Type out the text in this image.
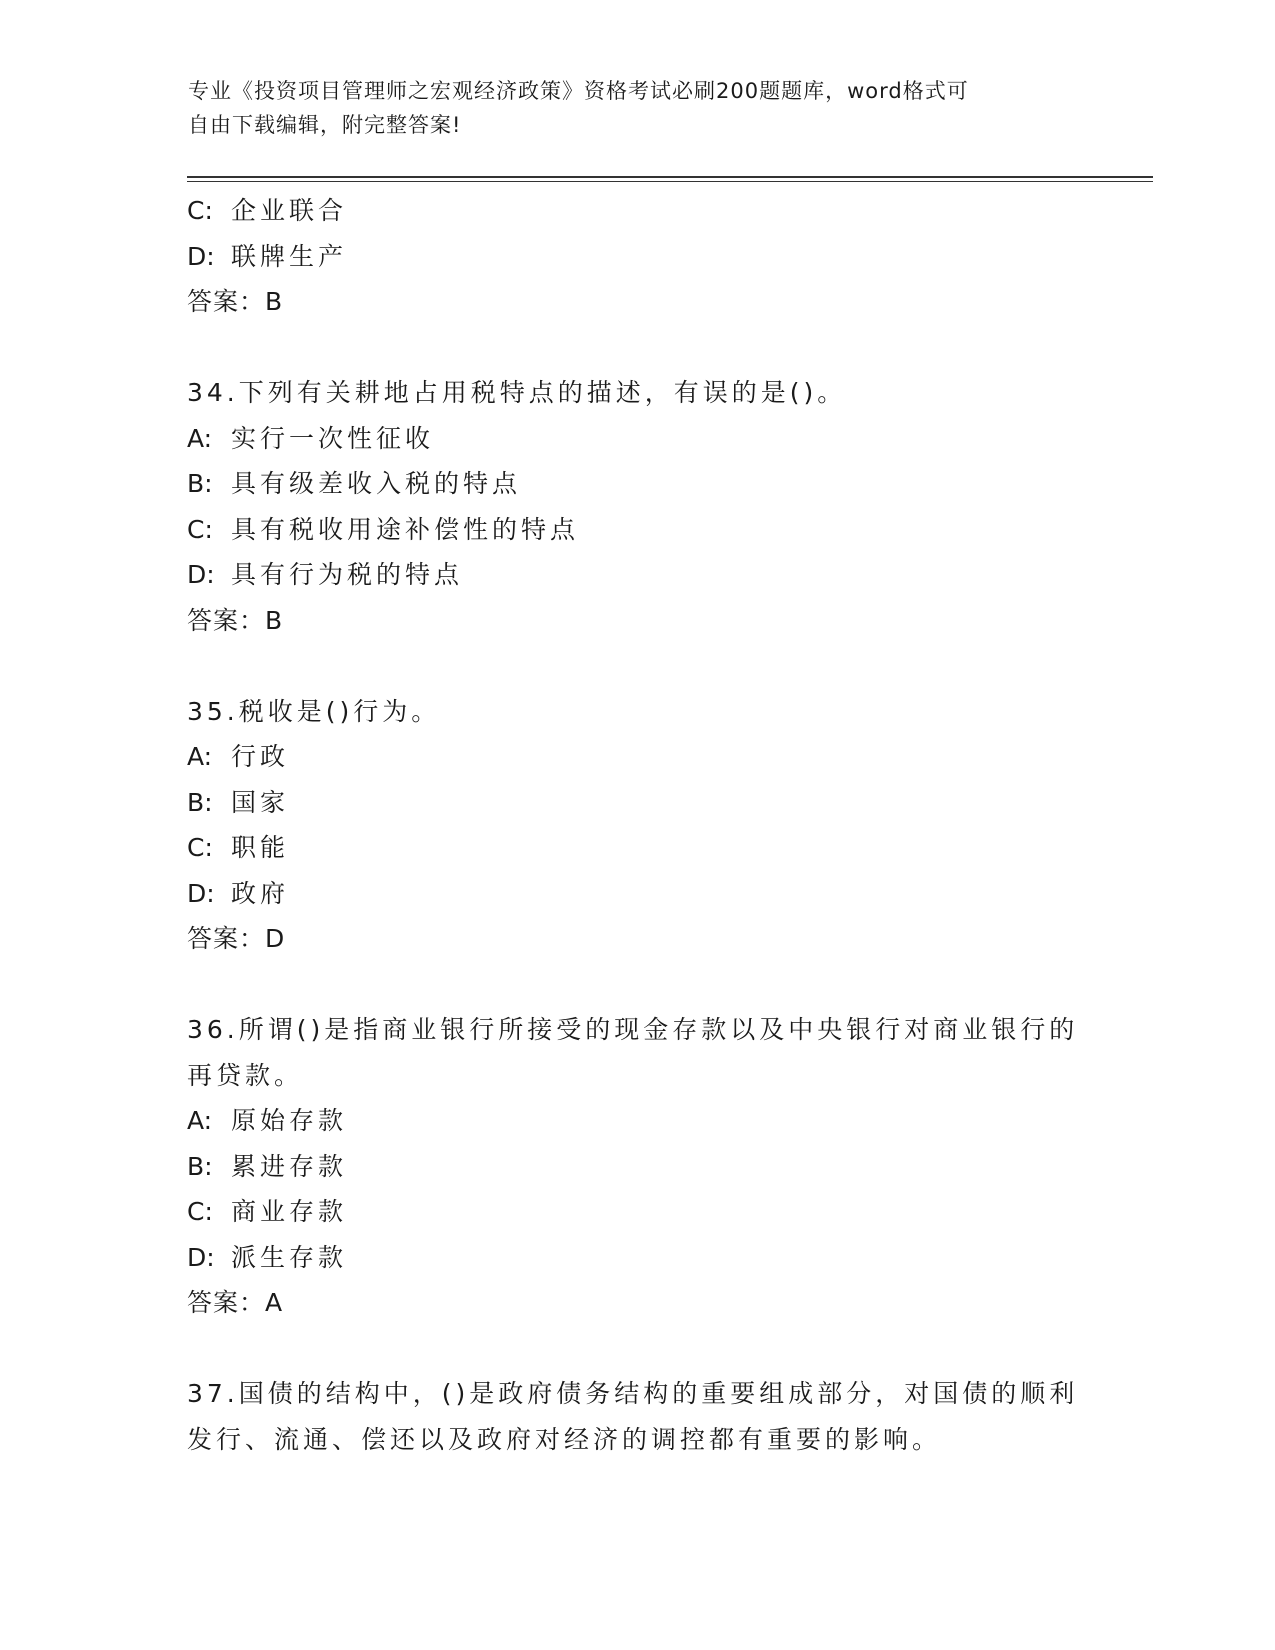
专业《投资项目管理师之宏观经济政策》资格考试必刷200题题库，word格式可
自由下载编辑，附完整答案!
C: 企业联合
D: 联牌生产
答案：B
34.下列有关耕地占用税特点的描述，有误的是()。
A: 实行一次性征收
B: 具有级差收入税的特点
C: 具有税收用途补偿性的特点
D: 具有行为税的特点
答案：B
35.税收是()行为。
A: 行政
B: 国家
C: 职能
D: 政府
答案：D
36.所谓()是指商业银行所接受的现金存款以及中央银行对商业银行的
再贷款。
A: 原始存款
B: 累进存款
C: 商业存款
D: 派生存款
答案：A
37.国债的结构中，()是政府债务结构的重要组成部分，对国债的顺利
发行、流通、偿还以及政府对经济的调控都有重要的影响。
